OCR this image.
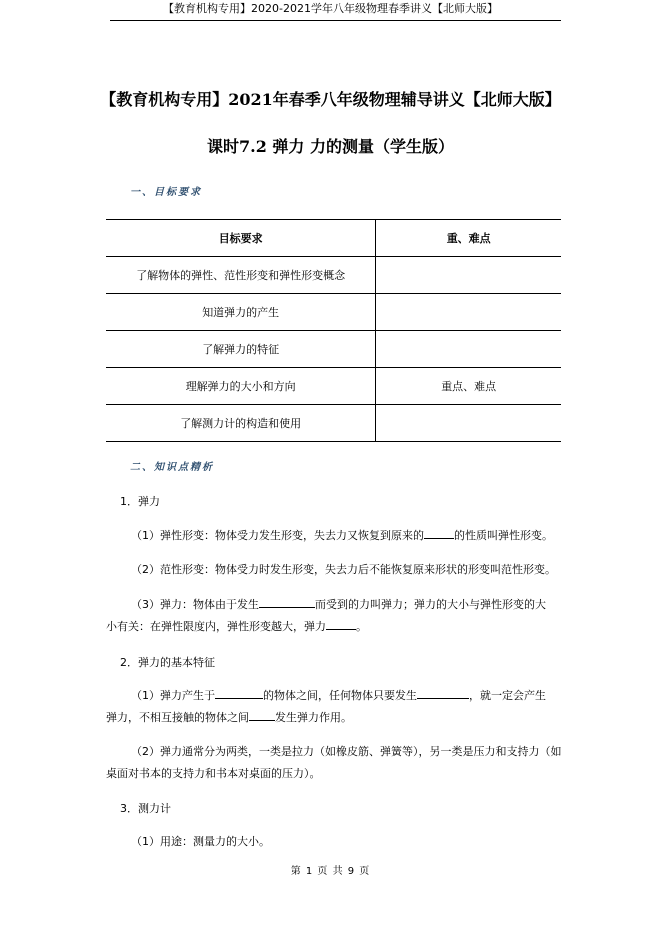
【教育机构专用】2020-2021学年八年级物理春季讲义【北师大版】
【教育机构专用】2021年春季八年级物理辅导讲义【北师大版】
课时7.2 弹力 力的测量（学生版）
一、目标要求
目标要求	重、难点
了解物体的弹性、范性形变和弹性形变概念	
知道弹力的产生	
了解弹力的特征	
理解弹力的大小和方向	重点、难点
了解测力计的构造和使用	
二、知识点精析
1．弹力
（1）弹性形变：物体受力发生形变，失去力又恢复到原来的	的性质叫弹性形变。
（2）范性形变：物体受力时发生形变，失去力后不能恢复原来形状的形变叫范性形变。
（3）弹力：物体由于发生	而受到的力叫弹力；弹力的大小与弹性形变的大
小有关：在弹性限度内，弹性形变越大，弹力	。
2．弹力的基本特征
（1）弹力产生于	的物体之间，任何物体只要发生	，就一定会产生
弹力，不相互接触的物体之间 发生弹力作用。
（2）弹力通常分为两类，一类是拉力（如橡皮筋、弹簧等），另一类是压力和支持力（如
桌面对书本的支持力和书本对桌面的压力）。
3．测力计
（1）用途：测量力的大小。
第 1 页 共 9 页
